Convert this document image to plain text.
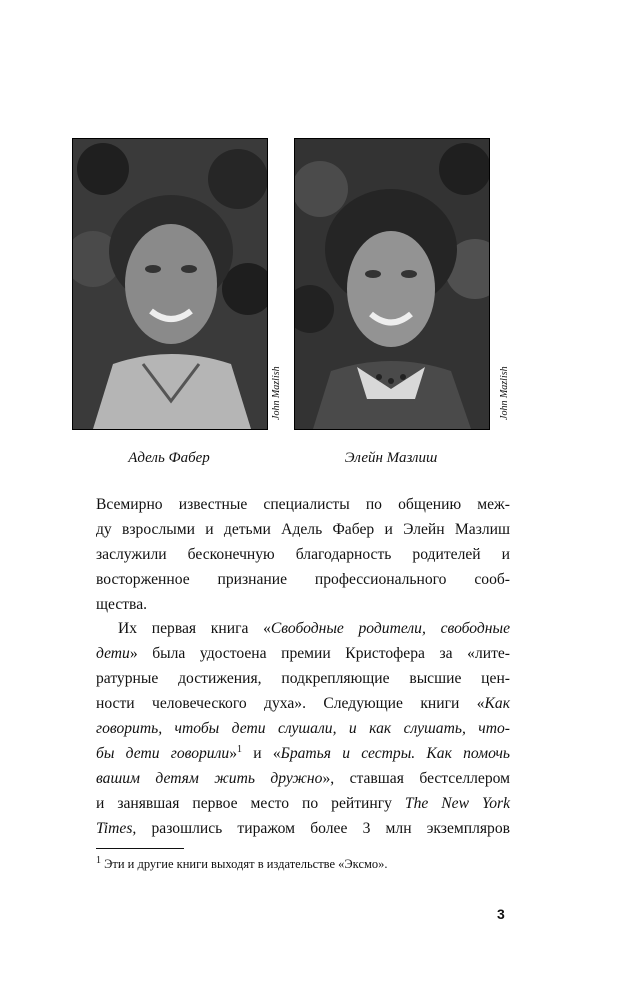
John Mazlish	John Mazlish
Адель Фабер	Элейн Мазлиш
Всемирно известные специалисты по общению меж-
ду взрослыми и детьми Адель Фабер и Элейн Мазлиш
заслужили бесконечную благодарность родителей и
восторженное признание профессионального сооб-
щества.
Их первая книга «Свободные родители, свободные
дети» была удостоена премии Кристофера за «лите-
ратурные достижения, подкрепляющие высшие цен-
ности человеческого духа». Следующие книги «Как
говорить, чтобы дети слушали, и как слушать, что-
бы дети говорили»$^1$ и «Братья и сестры. Как помочь
вашим детям жить дружно», ставшая бестселлером
и занявшая первое место по рейтингу The New York
Times, разошлись тиражом более 3 млн экземпляров
$^1$ Эти и другие книги выходят в издательстве «Эксмо».
3
